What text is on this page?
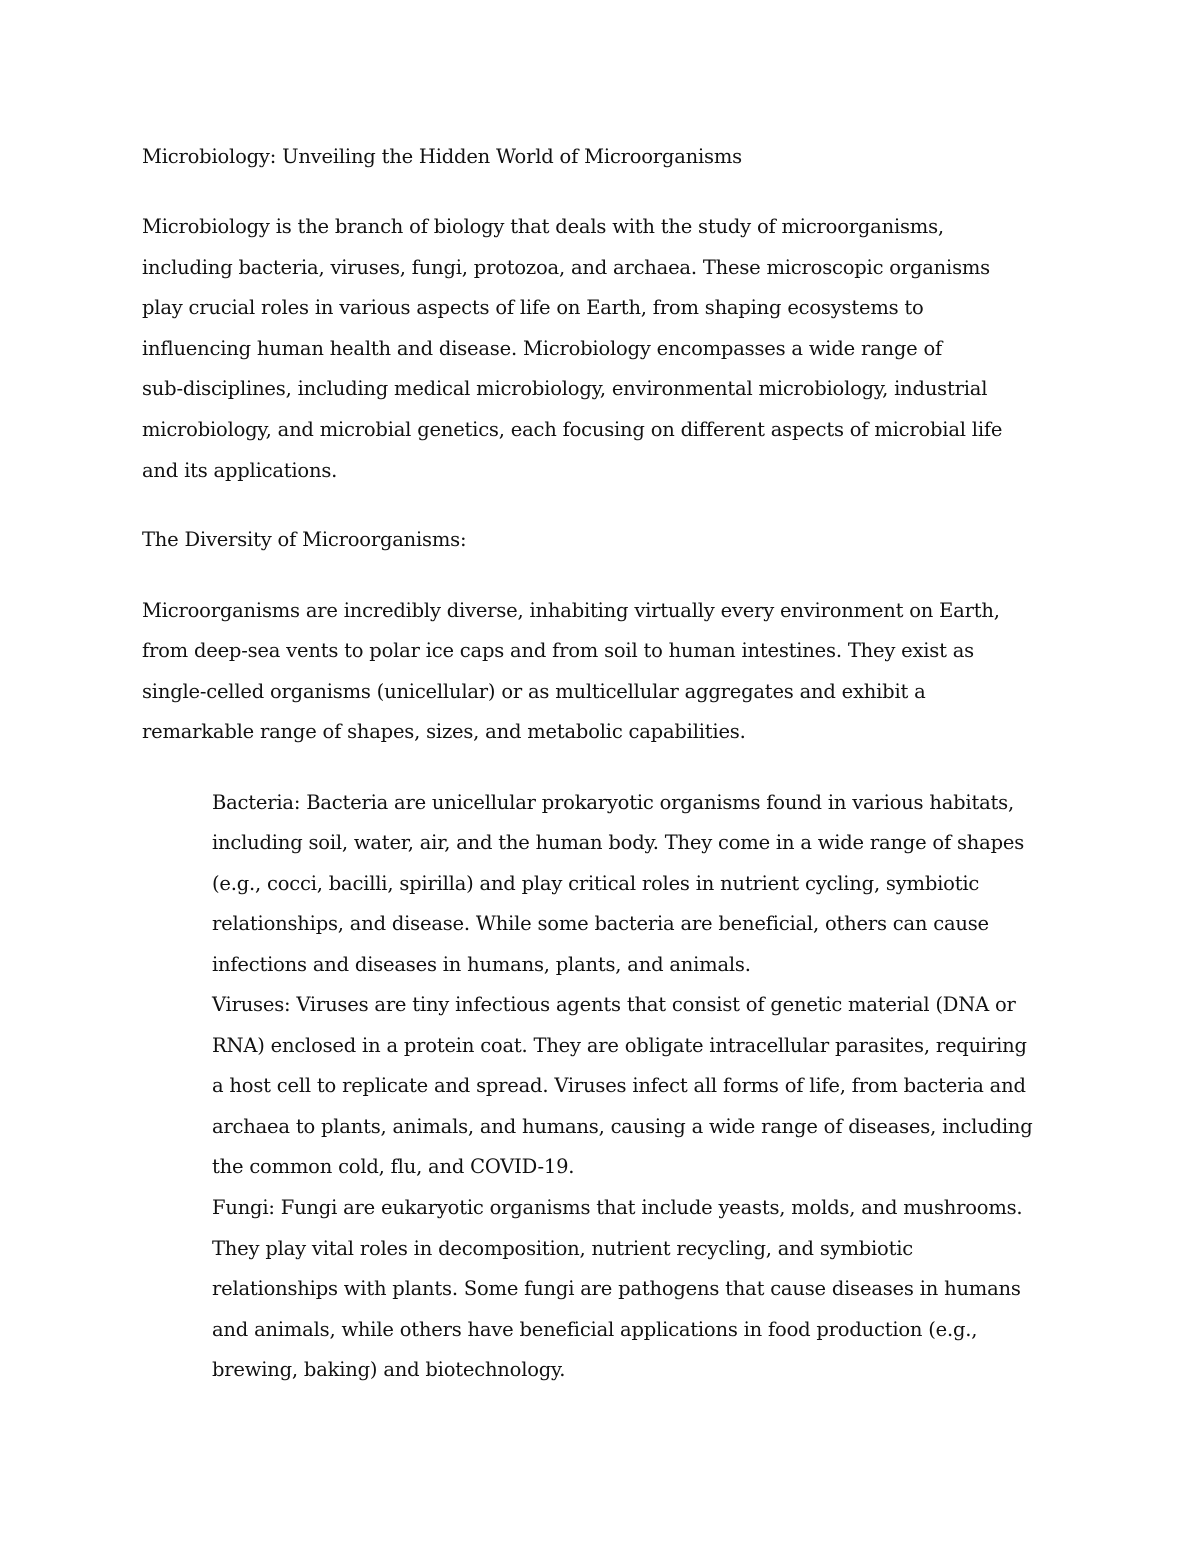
Microbiology: Unveiling the Hidden World of Microorganisms
Microbiology is the branch of biology that deals with the study of microorganisms,
including bacteria, viruses, fungi, protozoa, and archaea. These microscopic organisms
play crucial roles in various aspects of life on Earth, from shaping ecosystems to
influencing human health and disease. Microbiology encompasses a wide range of
sub-disciplines, including medical microbiology, environmental microbiology, industrial
microbiology, and microbial genetics, each focusing on different aspects of microbial life
and its applications.
The Diversity of Microorganisms:
Microorganisms are incredibly diverse, inhabiting virtually every environment on Earth,
from deep-sea vents to polar ice caps and from soil to human intestines. They exist as
single-celled organisms (unicellular) or as multicellular aggregates and exhibit a
remarkable range of shapes, sizes, and metabolic capabilities.
Bacteria: Bacteria are unicellular prokaryotic organisms found in various habitats,
including soil, water, air, and the human body. They come in a wide range of shapes
(e.g., cocci, bacilli, spirilla) and play critical roles in nutrient cycling, symbiotic
relationships, and disease. While some bacteria are beneficial, others can cause
infections and diseases in humans, plants, and animals.
Viruses: Viruses are tiny infectious agents that consist of genetic material (DNA or
RNA) enclosed in a protein coat. They are obligate intracellular parasites, requiring
a host cell to replicate and spread. Viruses infect all forms of life, from bacteria and
archaea to plants, animals, and humans, causing a wide range of diseases, including
the common cold, flu, and COVID-19.
Fungi: Fungi are eukaryotic organisms that include yeasts, molds, and mushrooms.
They play vital roles in decomposition, nutrient recycling, and symbiotic
relationships with plants. Some fungi are pathogens that cause diseases in humans
and animals, while others have beneficial applications in food production (e.g.,
brewing, baking) and biotechnology.
